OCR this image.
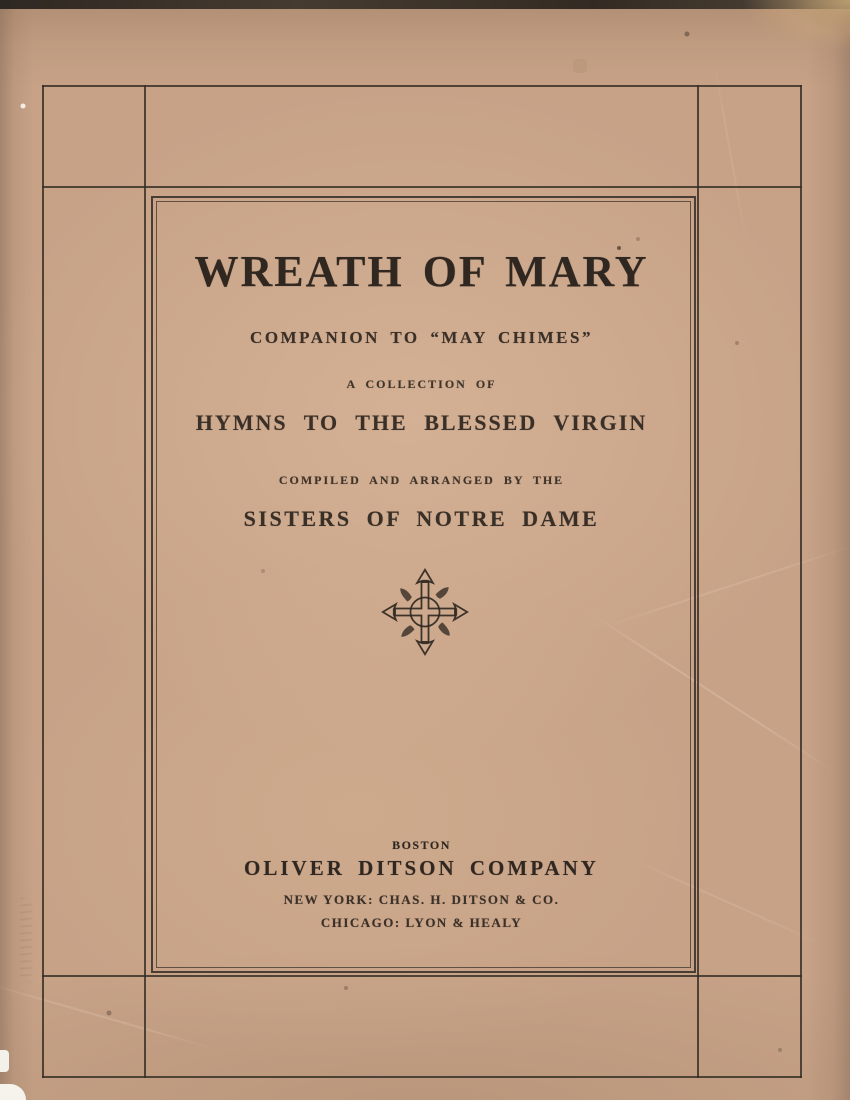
WREATH OF MARY
COMPANION TO “MAY CHIMES”
A COLLECTION OF
HYMNS TO THE BLESSED VIRGIN
COMPILED AND ARRANGED BY THE
SISTERS OF NOTRE DAME
BOSTON
OLIVER DITSON COMPANY
NEW YORK: CHAS. H. DITSON & CO.
CHICAGO: LYON & HEALY
